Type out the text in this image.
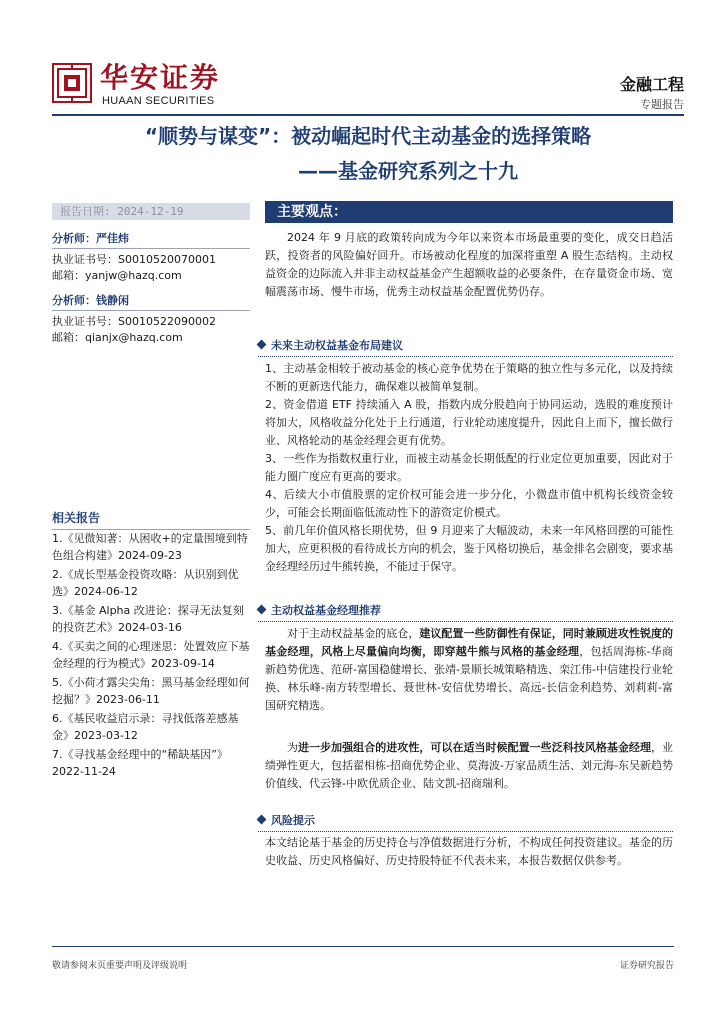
华安证券
HUAAN SECURITIES
金融工程
专题报告
“顺势与谋变”：被动崛起时代主动基金的选择策略
——基金研究系列之十九
报告日期: 2024-12-19
分析师：严佳炜
执业证书号：S0010520070001
邮箱：yanjw@hazq.com
分析师：钱静闲
执业证书号：S0010522090002
邮箱：qianjx@hazq.com
相关报告
1.《见微知著：从困收+的定量围境到特色组合构建》2024-09-23
2.《成长型基金投资攻略：从识别到优选》2024-06-12
3.《基金 Alpha 改进论：探寻无法复刻的投资艺术》2024-03-16
4.《买卖之间的心理迷思：处置效应下基金经理的行为模式》2023-09-14
5.《小荷才露尖尖角：黑马基金经理如何挖掘？》2023-06-11
6.《基民收益启示录：寻找低落差感基金》2023-03-12
7.《寻找基金经理中的“稀缺基因”》2022-11-24
主要观点：
2024 年 9 月底的政策转向成为今年以来资本市场最重要的变化，成交日趋活跃，投资者的风险偏好回升。市场被动化程度的加深将重塑 A 股生态结构。主动权益资金的边际流入并非主动权益基金产生超额收益的必要条件，在存量资金市场、宽幅震荡市场、慢牛市场，优秀主动权益基金配置优势仍存。
未来主动权益基金布局建议
1、主动基金相较于被动基金的核心竞争优势在于策略的独立性与多元化，以及持续不断的更新迭代能力，确保难以被简单复制。
2、资金借道 ETF 持续涌入 A 股，指数内成分股趋向于协同运动，选股的难度预计将加大，风格收益分化处于上行通道，行业轮动速度提升，因此自上而下，擅长做行业、风格轮动的基金经理会更有优势。
3、一些作为指数权重行业，而被主动基金长期低配的行业定位更加重要，因此对于能力圈广度应有更高的要求。
4、后续大小市值股票的定价权可能会进一步分化，小微盘市值中机构长线资金较少，可能会长期面临低流动性下的游资定价模式。
5、前几年价值风格长期优势，但 9 月迎来了大幅波动，未来一年风格回摆的可能性加大，应更积极的看待成长方向的机会，鉴于风格切换后，基金排名会剧变，要求基金经理经历过牛熊转换，不能过于保守。
主动权益基金经理推荐
对于主动权益基金的底仓，建议配置一些防御性有保证，同时兼顾进攻性锐度的基金经理，风格上尽量偏向均衡，即穿越牛熊与风格的基金经理，包括周海栋-华商新趋势优选、范研-富国稳健增长、张靖-景顺长城策略精选、栾江伟-中信建投行业轮换、林乐峰-南方转型增长、聂世林-安信优势增长、高远-长信金利趋势、刘莉莉-富国研究精选。
为进一步加强组合的进攻性，可以在适当时候配置一些泛科技风格基金经理，业绩弹性更大，包括翟相栋-招商优势企业、莫海波-万家品质生活、刘元海-东吴新趋势价值线、代云锋-中欧优质企业、陆文凯-招商瑞利。
风险提示
本文结论基于基金的历史持仓与净值数据进行分析，不构成任何投资建议。基金的历史收益、历史风格偏好、历史持股特征不代表未来，本报告数据仅供参考。
敬请参阅末页重要声明及评级说明	证券研究报告
